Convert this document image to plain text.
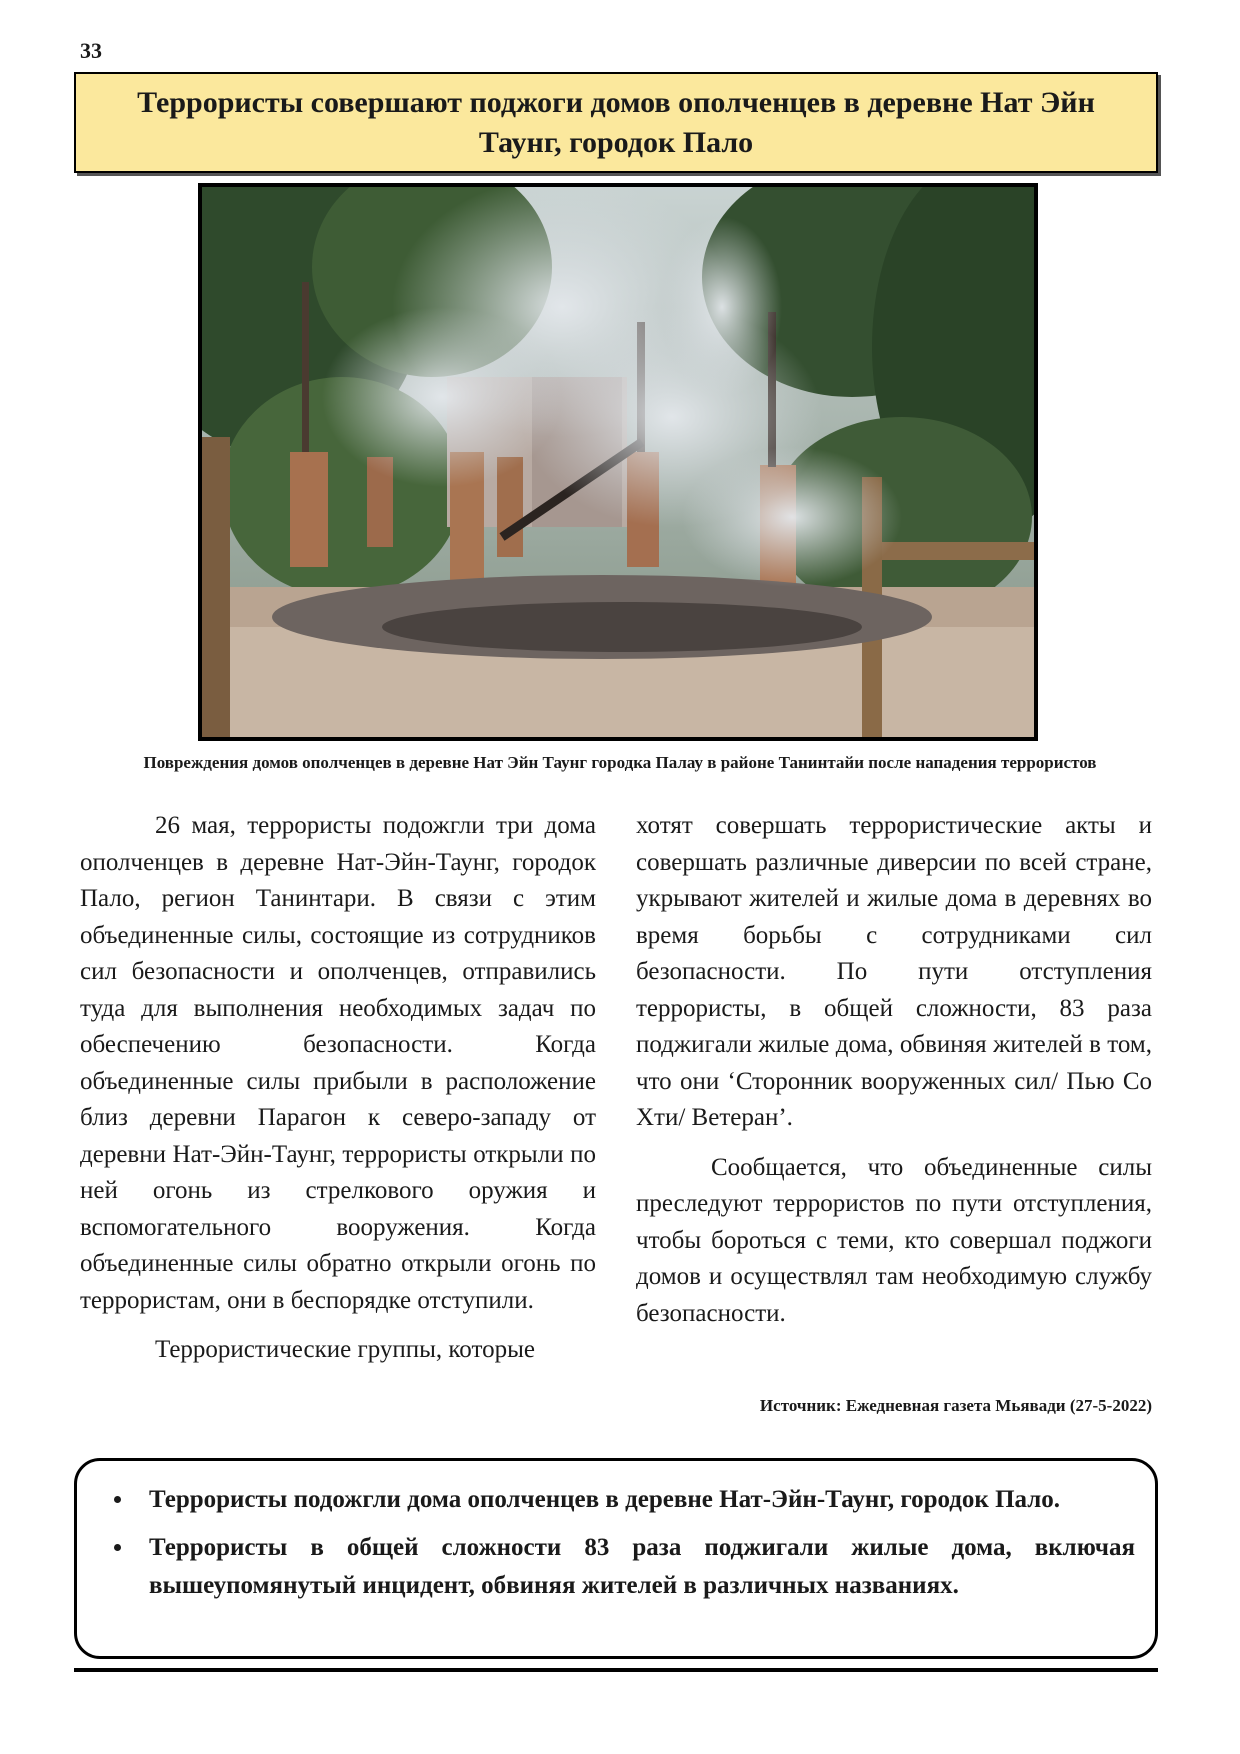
33
Террористы совершают поджоги домов ополченцев в деревне Нат Эйн Таунг, городок Пало
Повреждения домов ополченцев в деревне Нат Эйн Таунг городка Палау в районе Танинтайи после нападения террористов

26 мая, террористы подожгли три дома ополченцев в деревне Нат-Эйн-Таунг, городок Пало, регион Танинтари. В связи с этим объединенные силы, состоящие из сотрудников сил безопасности и ополченцев, отправились туда для выполнения необходимых задач по обеспечению безопасности. Когда объединенные силы прибыли в расположение близ деревни Парагон к северо-западу от деревни Нат-Эйн-Таунг, террористы открыли по ней огонь из стрелкового оружия и вспомогательного вооружения. Когда объединенные силы обратно открыли огонь по террористам, они в беспорядке отступили.

Террористические группы, которые

хотят совершать террористические акты и совершать различные диверсии по всей стране, укрывают жителей и жилые дома в деревнях во время борьбы с сотрудниками сил безопасности. По пути отступления террористы, в общей сложности, 83 раза поджигали жилые дома, обвиняя жителей в том, что они ‘Сторонник вооруженных сил/ Пью Со Хти/ Ветеран’.

Сообщается, что объединенные силы преследуют террористов по пути отступления, чтобы бороться с теми, кто совершал поджоги домов и осуществлял там необходимую службу безопасности.

Источник: Ежедневная газета Мьявади (27-5-2022)
• Террористы подожгли дома ополченцев в деревне Нат-Эйн-Таунг, городок Пало.
• Террористы в общей сложности 83 раза поджигали жилые дома, включая вышеупомянутый инцидент, обвиняя жителей в различных названиях.
